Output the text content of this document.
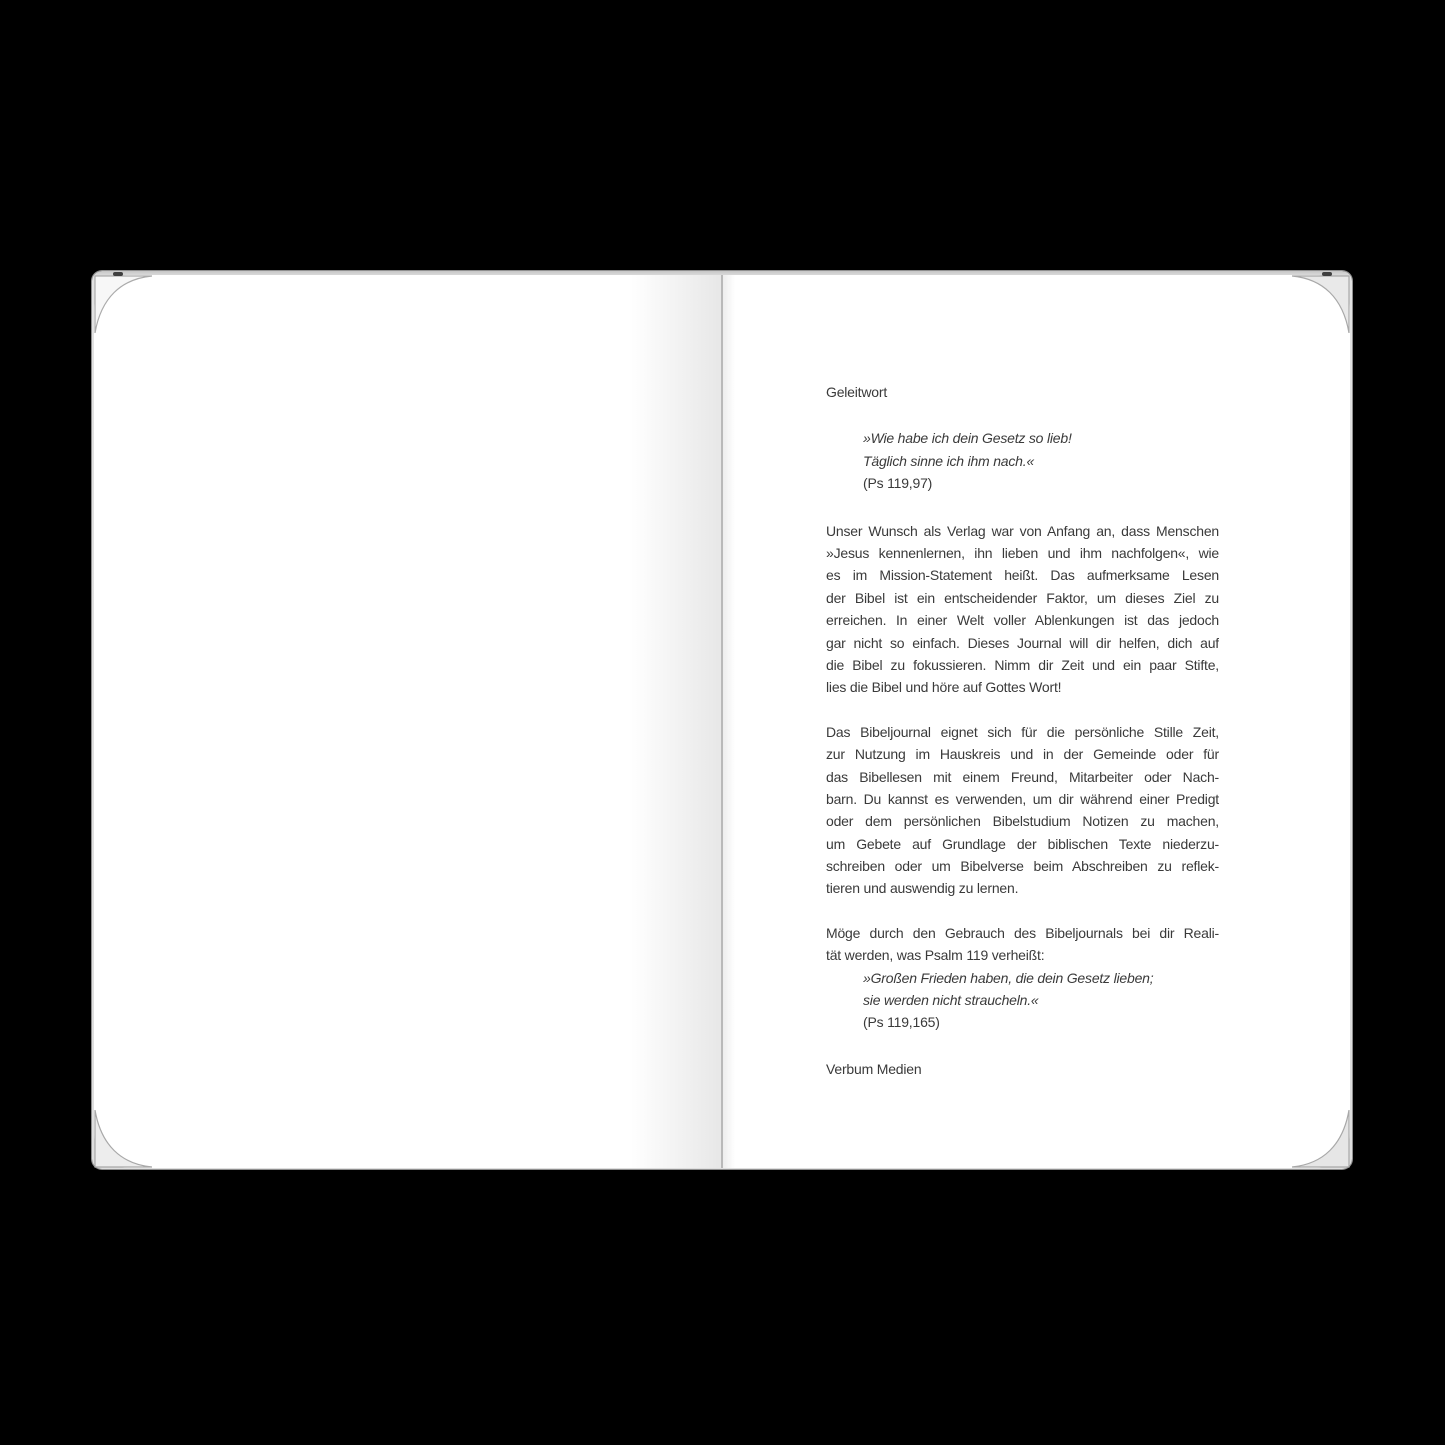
Geleitwort
»Wie habe ich dein Gesetz so lieb!
Täglich sinne ich ihm nach.«
(Ps 119,97)
Unser Wunsch als Verlag war von Anfang an, dass Menschen
»Jesus kennenlernen, ihn lieben und ihm nachfolgen«, wie
es im Mission-Statement heißt. Das aufmerksame Lesen
der Bibel ist ein entscheidender Faktor, um dieses Ziel zu
erreichen. In einer Welt voller Ablenkungen ist das jedoch
gar nicht so einfach. Dieses Journal will dir helfen, dich auf
die Bibel zu fokussieren. Nimm dir Zeit und ein paar Stifte,
lies die Bibel und höre auf Gottes Wort!
Das Bibeljournal eignet sich für die persönliche Stille Zeit,
zur Nutzung im Hauskreis und in der Gemeinde oder für
das Bibellesen mit einem Freund, Mitarbeiter oder Nach-
barn. Du kannst es verwenden, um dir während einer Predigt
oder dem persönlichen Bibelstudium Notizen zu machen,
um Gebete auf Grundlage der biblischen Texte niederzu-
schreiben oder um Bibelverse beim Abschreiben zu reflek-
tieren und auswendig zu lernen.
Möge durch den Gebrauch des Bibeljournals bei dir Reali-
tät werden, was Psalm 119 verheißt:
»Großen Frieden haben, die dein Gesetz lieben;
sie werden nicht straucheln.«
(Ps 119,165)
Verbum Medien
